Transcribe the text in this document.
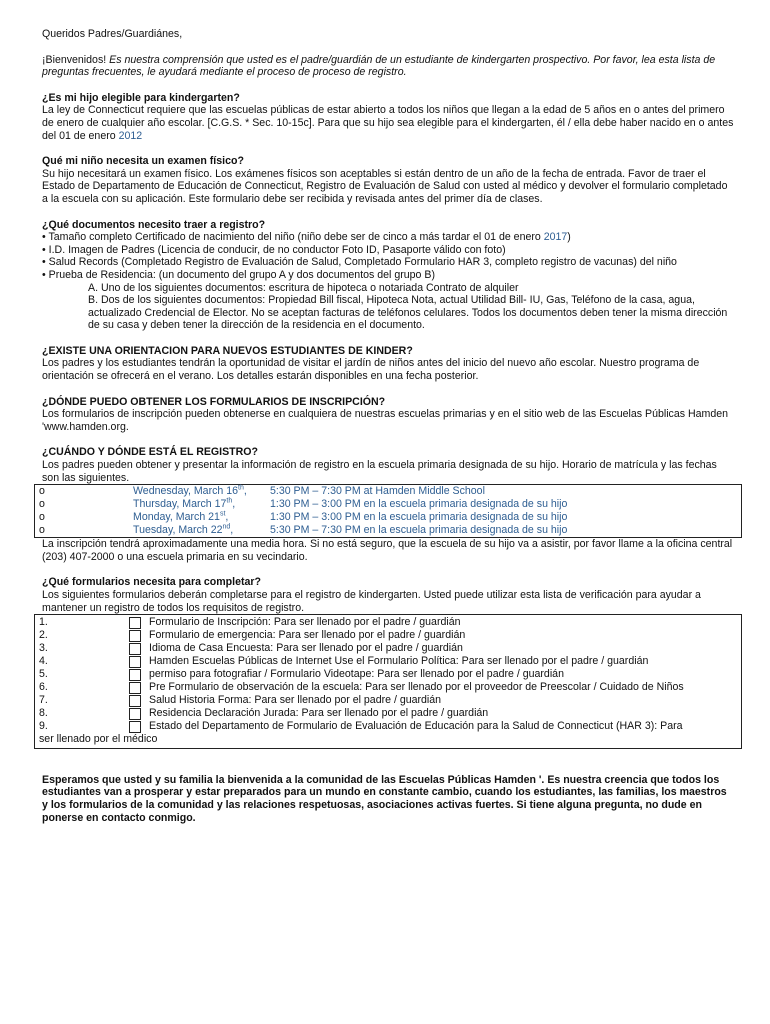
Queridos Padres/Guardiánes,

¡Bienvenidos! Es nuestra comprensión que usted es el padre/guardián de un estudiante de kindergarten prospectivo. Por favor, lea esta lista de preguntas frecuentes, le ayudará mediante el proceso de proceso de registro.

¿Es mi hijo elegible para kindergarten?

La ley de Connecticut requiere que las escuelas públicas de estar abierto a todos los niños que llegan a la edad de 5 años en o antes del primero de enero de cualquier año escolar. [C.G.S. * Sec. 10-15c]. Para que su hijo sea elegible para el kindergarten, él / ella debe haber nacido en o antes del 01 de enero 2012

Qué mi niño necesita un examen físico?

Su hijo necesitará un examen físico. Los exámenes físicos son aceptables si están dentro de un año de la fecha de entrada. Favor de traer el Estado de Departamento de Educación de Connecticut, Registro de Evaluación de Salud con usted al médico y devolver el formulario completado a la escuela con su aplicación. Este formulario debe ser recibida y revisada antes del primer día de clases.

¿Qué documentos necesito traer a registro?

• Tamaño completo Certificado de nacimiento del niño (niño debe ser de cinco a más tardar el 01 de enero 2017)

• I.D. Imagen de Padres (Licencia de conducir, de no conductor Foto ID, Pasaporte válido con foto)

• Salud Records (Completado Registro de Evaluación de Salud, Completado Formulario HAR 3, completo registro de vacunas) del niño

• Prueba de Residencia: (un documento del grupo A y dos documentos del grupo B)

A. Uno de los siguientes documentos: escritura de hipoteca o notariada Contrato de alquiler

B. Dos de los siguientes documentos: Propiedad Bill fiscal, Hipoteca Nota, actual Utilidad Bill- IU, Gas, Teléfono de la casa, agua, actualizado Credencial de Elector. No se aceptan facturas de teléfonos celulares. Todos los documentos deben tener la misma dirección de su casa y deben tener la dirección de la residencia en el documento.

¿EXISTE UNA ORIENTACION PARA NUEVOS ESTUDIANTES DE KINDER?

Los padres y los estudiantes tendrán la oportunidad de visitar el jardín de niños antes del inicio del nuevo año escolar. Nuestro programa de orientación se ofrecerá en el verano. Los detalles estarán disponibles en una fecha posterior.

¿DÓNDE PUEDO OBTENER LOS FORMULARIOS DE INSCRIPCIÓN?

Los formularios de inscripción pueden obtenerse en cualquiera de nuestras escuelas primarias y en el sitio web de las Escuelas Públicas Hamden 'www.hamden.org.

¿CUÁNDO Y DÓNDE ESTÁ EL REGISTRO?

Los padres pueden obtener y presentar la información de registro en la escuela primaria designada de su hijo. Horario de matrícula y las fechas son las siguientes.

o	Wednesday, March 16th,	5:30 PM – 7:30 PM at Hamden Middle School
o	Thursday, March 17th,	1:30 PM – 3:00 PM en la escuela primaria designada de su hijo
o	Monday, March 21st,	1:30 PM – 3:00 PM en la escuela primaria designada de su hijo
o	Tuesday, March 22nd,	5:30 PM – 7:30 PM en la escuela primaria designada de su hijo

La inscripción tendrá aproximadamente una media hora. Si no está seguro, que la escuela de su hijo va a asistir, por favor llame a la oficina central (203) 407-2000 o una escuela primaria en su vecindario.

¿Qué formularios necesita para completar?

Los siguientes formularios deberán completarse para el registro de kindergarten. Usted puede utilizar esta lista de verificación para ayudar a mantener un registro de todos los requisitos de registro.

1.	Formulario de Inscripción: Para ser llenado por el padre / guardián
2.	Formulario de emergencia: Para ser llenado por el padre / guardián
3.	Idioma de Casa Encuesta: Para ser llenado por el padre / guardián
4.	Hamden Escuelas Públicas de Internet Use el Formulario Política: Para ser llenado por el padre / guardián
5.	permiso para fotografiar / Formulario Videotape: Para ser llenado por el padre / guardián
6.	Pre Formulario de observación de la escuela: Para ser llenado por el proveedor de Preescolar / Cuidado de Niños
7.	Salud Historia Forma: Para ser llenado por el padre / guardián
8.	Residencia Declaración Jurada: Para ser llenado por el padre / guardián
9.	Estado del Departamento de Formulario de Evaluación de Educación para la Salud de Connecticut (HAR 3): Para

ser llenado por el médico

Esperamos que usted y su familia la bienvenida a la comunidad de las Escuelas Públicas Hamden '. Es nuestra creencia que todos los estudiantes van a prosperar y estar preparados para un mundo en constante cambio, cuando los estudiantes, las familias, los maestros y los formularios de la comunidad y las relaciones respetuosas, asociaciones activas fuertes. Si tiene alguna pregunta, no dude en ponerse en contacto conmigo.
